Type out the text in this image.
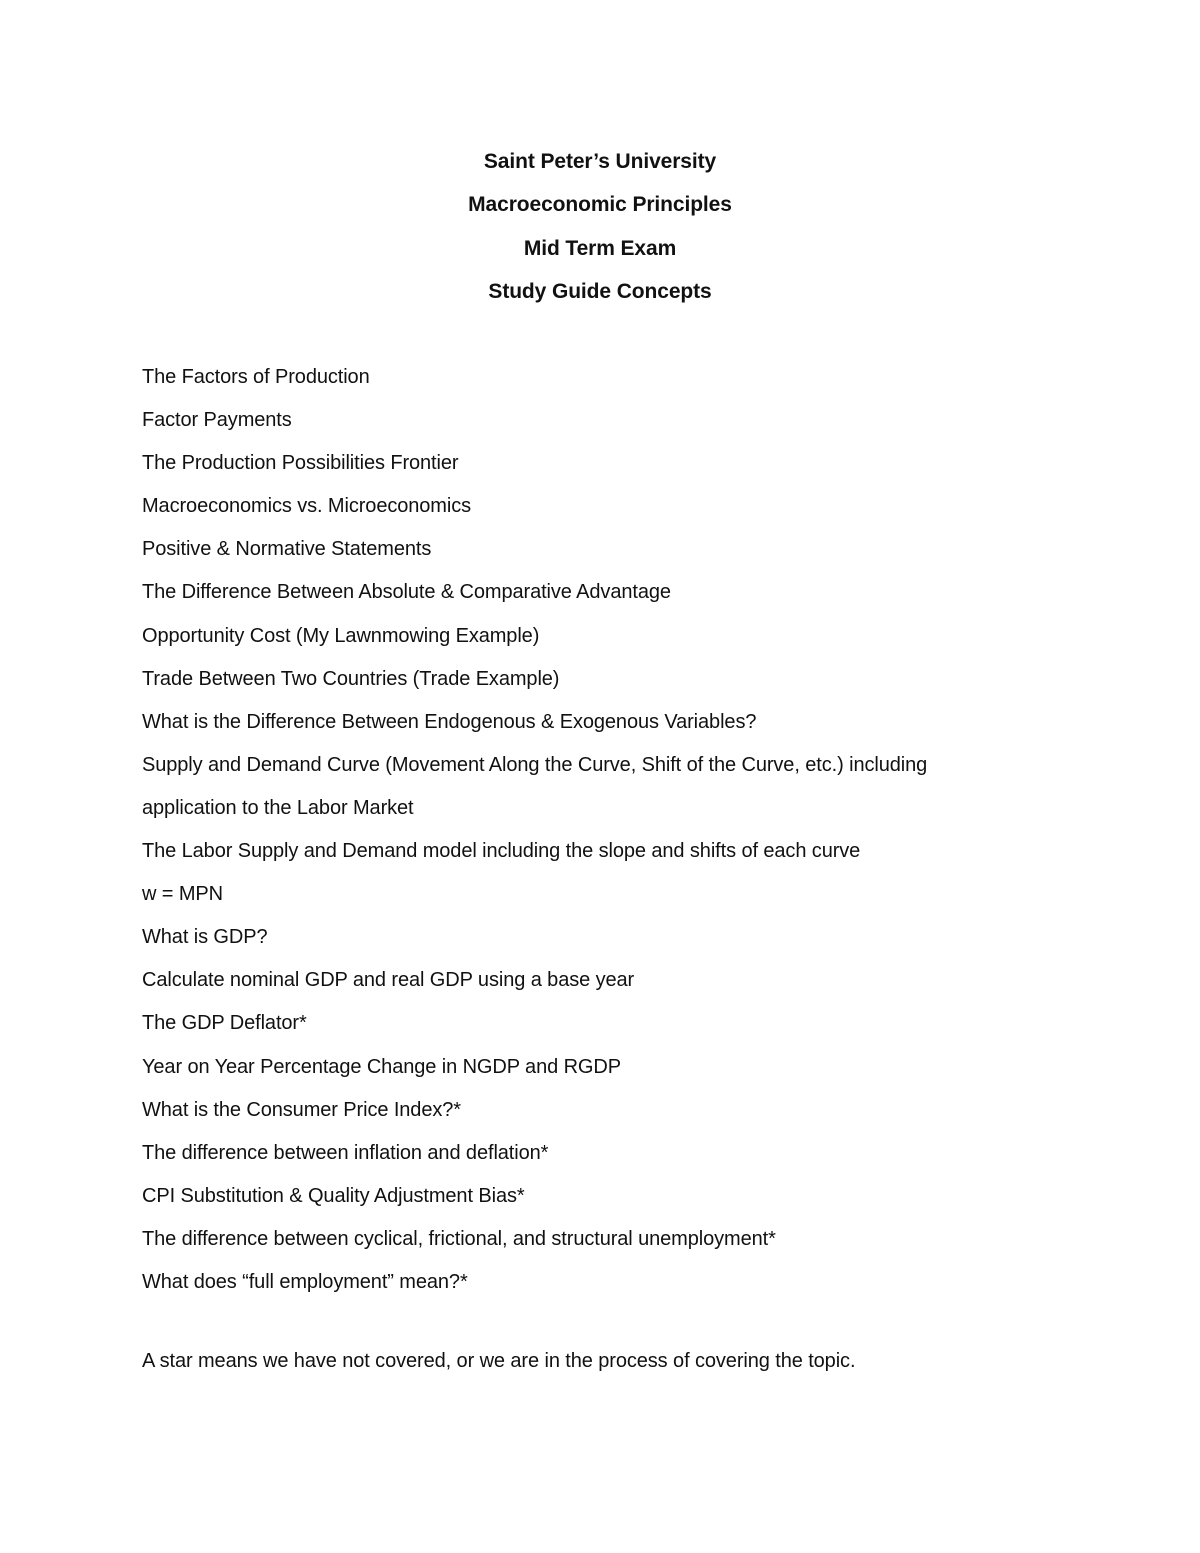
Saint Peter’s University
Macroeconomic Principles
Mid Term Exam
Study Guide Concepts
The Factors of Production
Factor Payments
The Production Possibilities Frontier
Macroeconomics vs. Microeconomics
Positive & Normative Statements
The Difference Between Absolute & Comparative Advantage
Opportunity Cost (My Lawnmowing Example)
Trade Between Two Countries (Trade Example)
What is the Difference Between Endogenous & Exogenous Variables?
Supply and Demand Curve (Movement Along the Curve, Shift of the Curve, etc.) including
application to the Labor Market
The Labor Supply and Demand model including the slope and shifts of each curve
w = MPN
What is GDP?
Calculate nominal GDP and real GDP using a base year
The GDP Deflator*
Year on Year Percentage Change in NGDP and RGDP
What is the Consumer Price Index?*
The difference between inflation and deflation*
CPI Substitution & Quality Adjustment Bias*
The difference between cyclical, frictional, and structural unemployment*
What does “full employment” mean?*
A star means we have not covered, or we are in the process of covering the topic.
